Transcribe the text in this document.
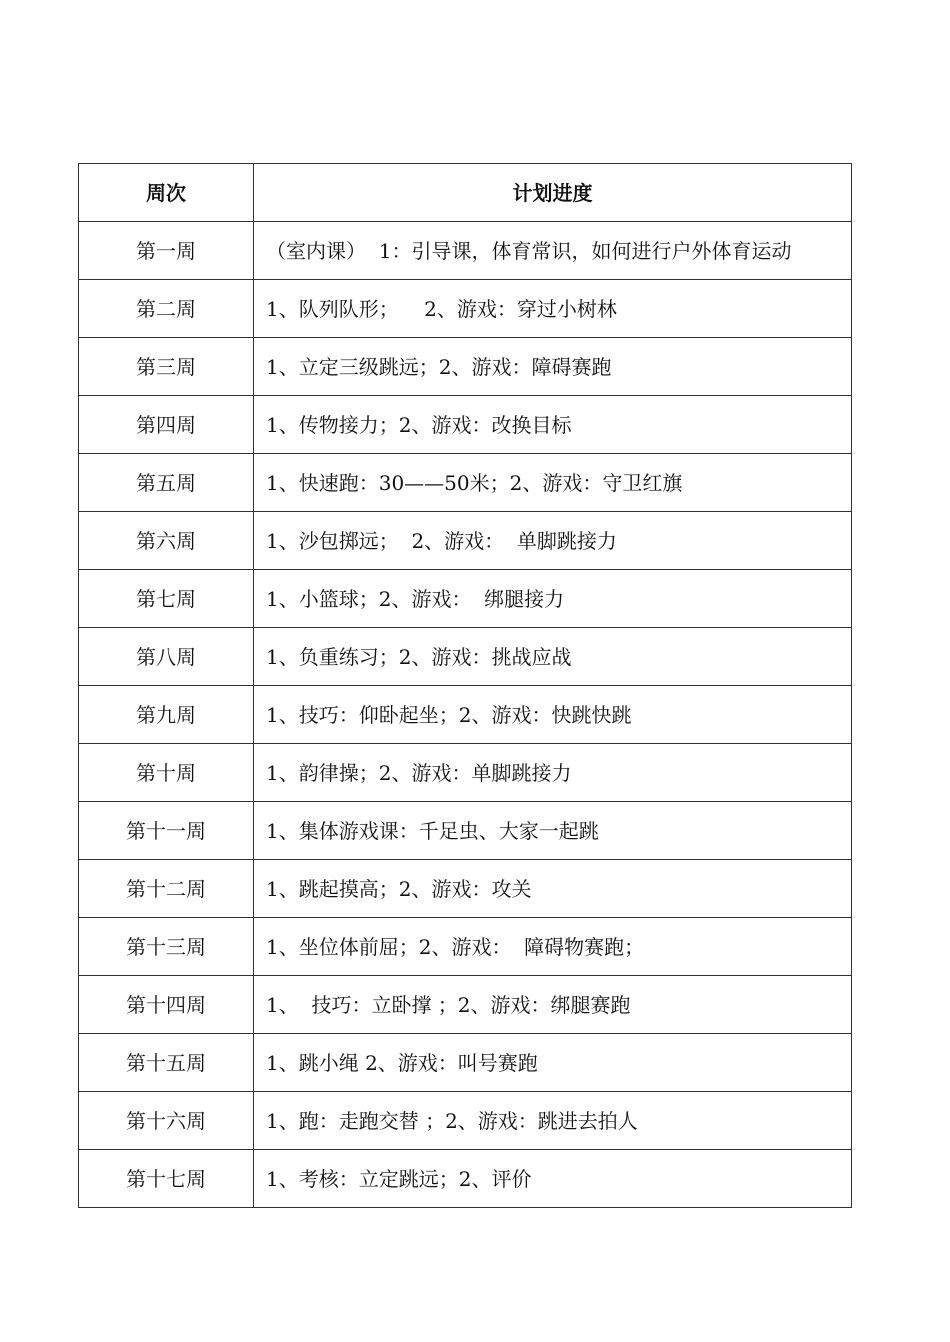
周次	计划进度
第一周	（室内课）  1：引导课，体育常识，如何进行户外体育运动
第二周	1、队列队形；    2、游戏：穿过小树林
第三周	1、立定三级跳远；2、游戏：障碍赛跑
第四周	1、传物接力；2、游戏：改换目标
第五周	1、快速跑：30——50米；2、游戏：守卫红旗
第六周	1、沙包掷远；  2、游戏：  单脚跳接力
第七周	1、小篮球；2、游戏：  绑腿接力
第八周	1、负重练习；2、游戏：挑战应战
第九周	1、技巧：仰卧起坐；2、游戏：快跳快跳
第十周	1、韵律操；2、游戏：单脚跳接力
第十一周	1、集体游戏课：千足虫、大家一起跳
第十二周	1、跳起摸高；2、游戏：攻关
第十三周	1、坐位体前屈；2、游戏：  障碍物赛跑；
第十四周	1、  技巧：立卧撑 ；2、游戏：绑腿赛跑
第十五周	1、跳小绳 2、游戏：叫号赛跑
第十六周	1、跑：走跑交替 ；2、游戏：跳进去拍人
第十七周	1、考核：立定跳远；2、评价
